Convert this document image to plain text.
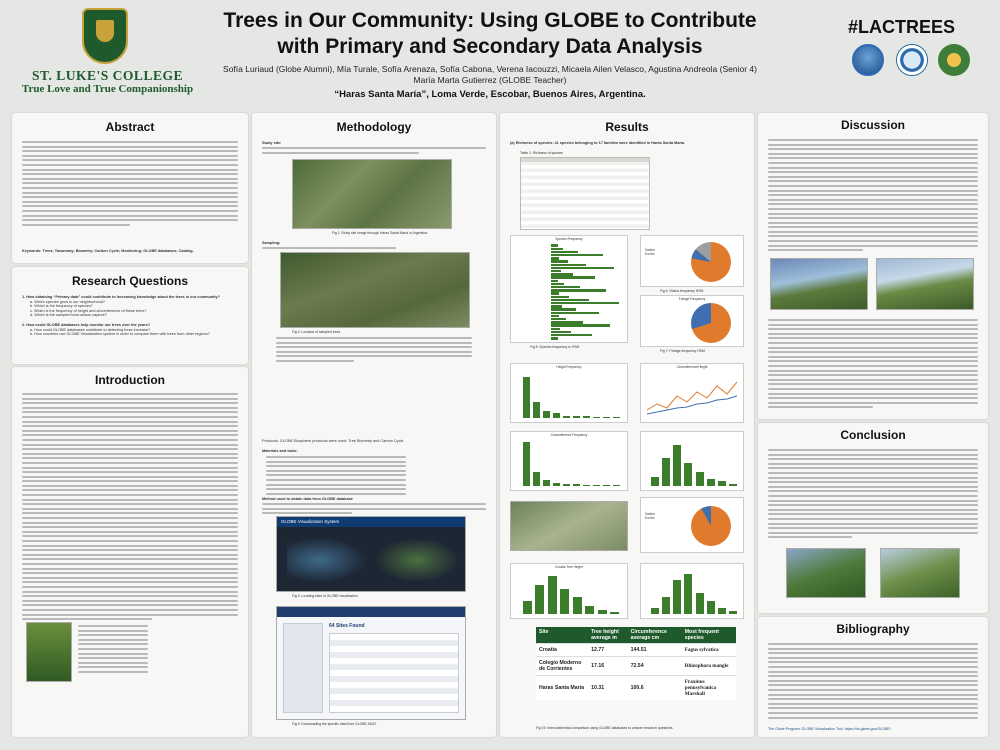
ST. LUKE'S COLLEGE
True Love and True Companionship
Trees in Our Community: Using GLOBE to Contribute with Primary and Secondary Data Analysis
Sofía Luriaud (Globe Alumni), Mía Turale, Sofía Arenaza, Sofía Cabona, Verena Iacouzzi, Micaela Ailen Velasco, Agustina Andreola (Senior 4) María Marta Gutierrez (GLOBE Teacher)
“Haras Santa María”, Loma Verde, Escobar, Buenos Aires, Argentina.
#LACTREES
Abstract
Keywords: Trees; Taxonomy; Biometry; Carbon Cycle; Monitoring; GLOBE databases; Catalog.
Research Questions
1. How obtaining “Primary data” could contribute to increasing knowledge about the trees in our community?
a. Which species grow in our neighborhood?
b. Which is the frequency of species?
c. Which is the frequency of height and circumference of these trees?
d. Which is the sampled total carbon capture?
2. How could GLOBE databases help monitor our trees over the years?
a. How could GLOBE databases contribute to detecting trees increase?
b. How countries use GLOBE Visualization system in order to compare them with trees from other regions?
Introduction
Methodology
Study site:
Fig 1: Study site image through Haras Santa Maria in Argentina.
Sampling:
Fig 2: Location of sampled trees
Protocols: GLOBE Biosphere protocols were used: Tree Biometry and Carbon Cycle.
Materials and tools:
Method used to obtain data from GLOBE database
GLOBE Visualization System
Fig 3: Locating sites in GLOBE visualization
64 Sites Found
Fig 4: Downloading the specific data from GLOBE ADAT
Results
(a) Richness of species: 41 species belonging to 17 families were identified in Haras Santa María.
Table 1: Richness of species
Species Frequency
Fig 5: Species frequency in HSM
Native
Exotic
Fig 6: Status frequency HSM
Foliage Frequency
Fig 7: Foliage frequency HSM
Height Frequency	Circumference/Height
Circumference Frequency
Native
Exotic
Croatia Tree Height
Site	Tree height average m	Circumference average cm	Most frequent species
Croatia	12.77	144.51	Fagus sylvatica
Colegio Moderno de Corrientes	17.16	72.54	Rhizophora mangle
Haras Santa María	10.31	100.6	Fraxinus pennsylvanica Marshall
Fig 19: Intercontinental comparison using GLOBE databases to answer research questions.
Discussion
Conclusion
Bibliography
The Globe Program: GLOBE Visualization Tool. https://vis.globe.gov/GLOBE/
